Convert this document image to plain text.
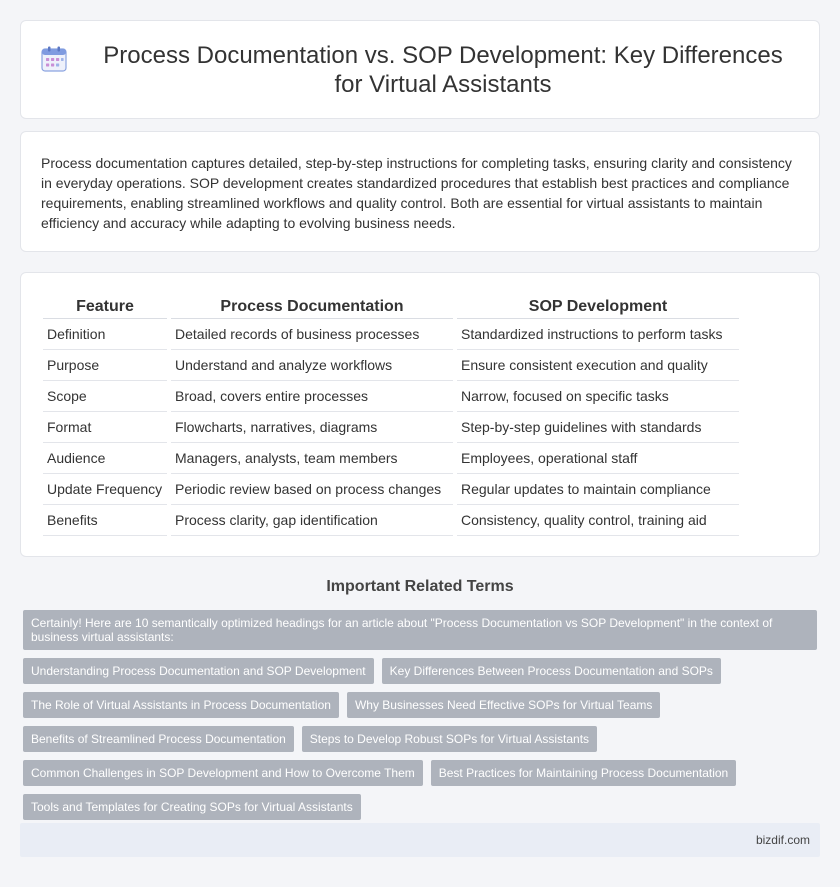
Process Documentation vs. SOP Development: Key Differences for Virtual Assistants

Process documentation captures detailed, step-by-step instructions for completing tasks, ensuring clarity and consistency in everyday operations. SOP development creates standardized procedures that establish best practices and compliance requirements, enabling streamlined workflows and quality control. Both are essential for virtual assistants to maintain efficiency and accuracy while adapting to evolving business needs.

Feature	Process Documentation	SOP Development
Definition	Detailed records of business processes	Standardized instructions to perform tasks
Purpose	Understand and analyze workflows	Ensure consistent execution and quality
Scope	Broad, covers entire processes	Narrow, focused on specific tasks
Format	Flowcharts, narratives, diagrams	Step-by-step guidelines with standards
Audience	Managers, analysts, team members	Employees, operational staff
Update Frequency	Periodic review based on process changes	Regular updates to maintain compliance
Benefits	Process clarity, gap identification	Consistency, quality control, training aid
Important Related Terms
Certainly! Here are 10 semantically optimized headings for an article about "Process Documentation vs SOP Development" in the context of business virtual assistants:
Understanding Process Documentation and SOP Development	Key Differences Between Process Documentation and SOPs
The Role of Virtual Assistants in Process Documentation	Why Businesses Need Effective SOPs for Virtual Teams
Benefits of Streamlined Process Documentation	Steps to Develop Robust SOPs for Virtual Assistants
Common Challenges in SOP Development and How to Overcome Them	Best Practices for Maintaining Process Documentation
Tools and Templates for Creating SOPs for Virtual Assistants
bizdif.com
